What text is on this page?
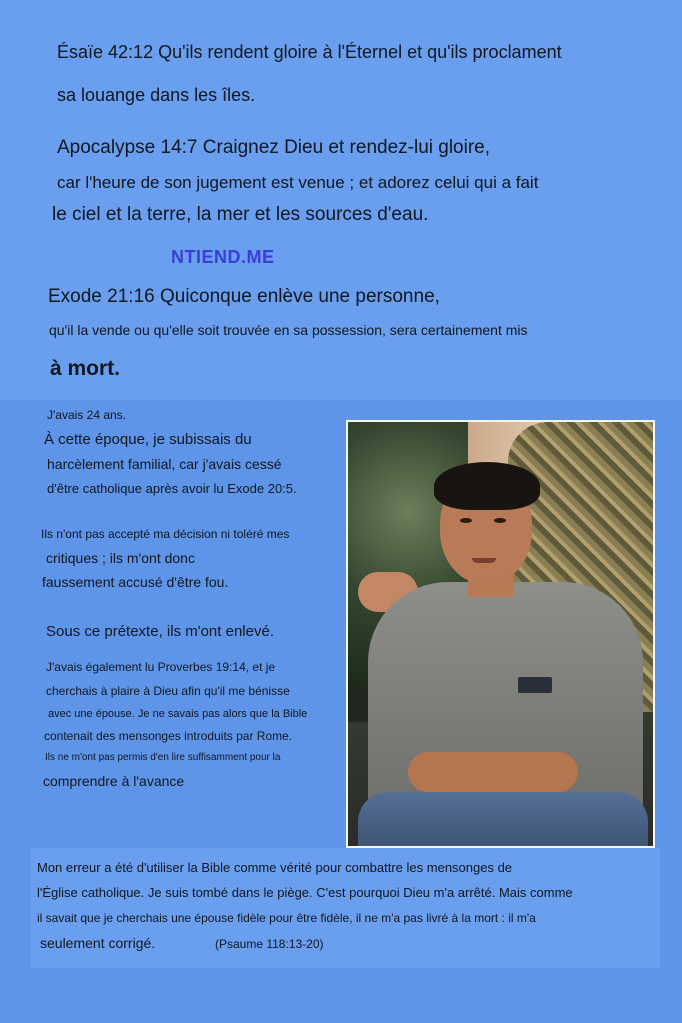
Ésaïe 42:12 Qu'ils rendent gloire à l'Éternel et qu'ils proclament

sa louange dans les îles.

Apocalypse 14:7 Craignez Dieu et rendez-lui gloire,

car l'heure de son jugement est venue ; et adorez celui qui a fait

le ciel et la terre, la mer et les sources d'eau.

NTIEND.ME

Exode 21:16 Quiconque enlève une personne,

qu'il la vende ou qu'elle soit trouvée en sa possession, sera certainement mis

à mort.

J'avais 24 ans.

À cette époque, je subissais du

harcèlement familial, car j'avais cessé

d'être catholique après avoir lu Exode 20:5.

Ils n'ont pas accepté ma décision ni toléré mes

critiques ; ils m'ont donc

faussement accusé d'être fou.

Sous ce prétexte, ils m'ont enlevé.

J'avais également lu Proverbes 19:14, et je

cherchais à plaire à Dieu afin qu'il me bénisse

avec une épouse. Je ne savais pas alors que la Bible

contenait des mensonges introduits par Rome.

Ils ne m'ont pas permis d'en lire suffisamment pour la

comprendre à l'avance

Mon erreur a été d'utiliser la Bible comme vérité pour combattre les mensonges de

l'Église catholique. Je suis tombé dans le piège. C'est pourquoi Dieu m'a arrêté. Mais comme

il savait que je cherchais une épouse fidèle pour être fidèle, il ne m'a pas livré à la mort : il m'a

seulement corrigé.	(Psaume 118:13-20)
